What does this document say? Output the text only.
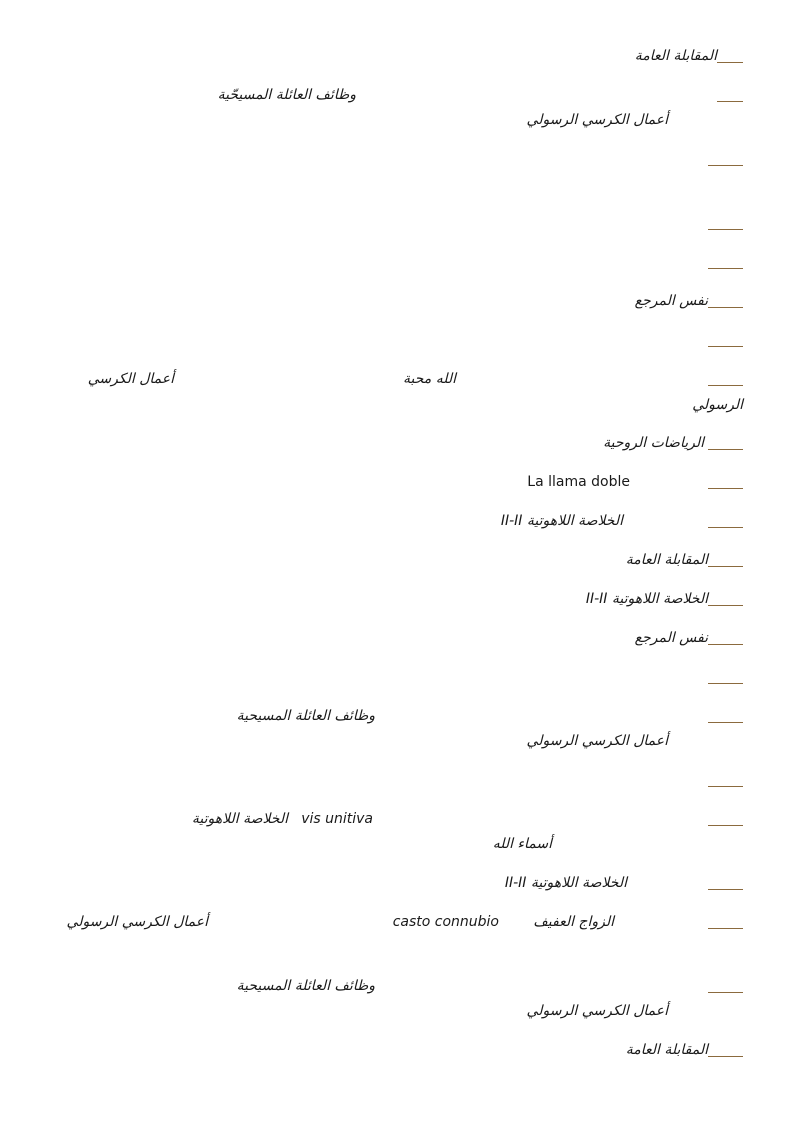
المقابلة العامة
وظائف العائلة المسيحّية
أعمال الكرسي الرسولي
نفس المرجع
أعمال الكرسي	الله محبة
الرسولي
الرياضات الروحية
La llama doble
الخلاصة اللاهوتية II-II
المقابلة العامة
الخلاصة اللاهوتية II-II
نفس المرجع
وظائف العائلة المسيحية
أعمال الكرسي الرسولي
الخلاصة اللاهوتية vis unitiva
أسماء الله
الخلاصة اللاهوتية II-II
أعمال الكرسي الرسولي	casto connubio الزواج العفيف
وظائف العائلة المسيحية
أعمال الكرسي الرسولي
المقابلة العامة
